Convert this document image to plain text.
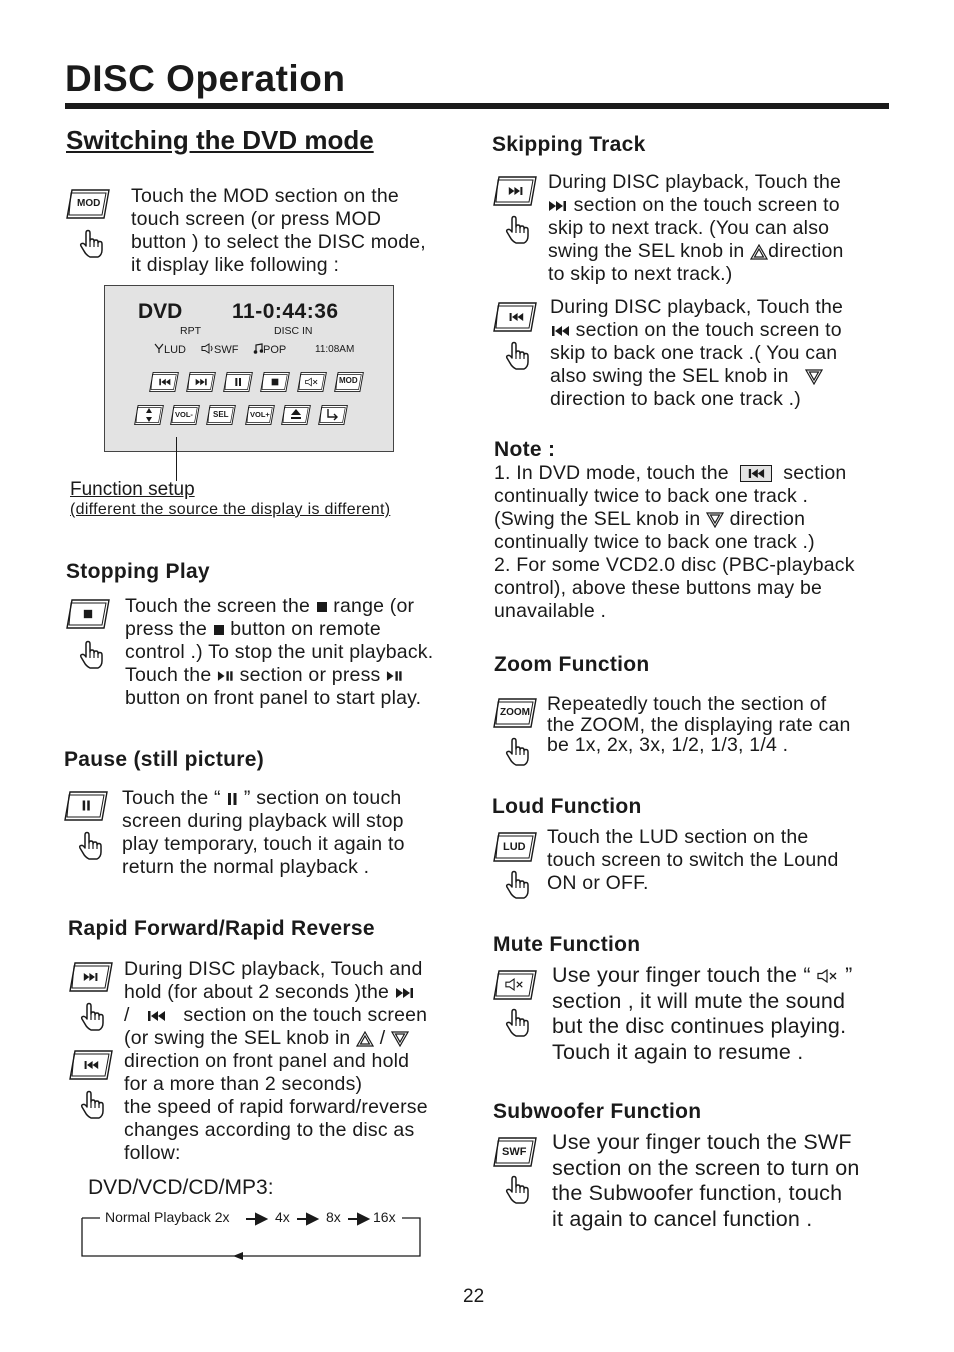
DISC Operation
Switching the DVD mode
MOD Touch the MOD section on the
touch screen (or press MOD
button ) to select the DISC mode,
it display like following :
DVD 11-0:44:36
RPT	DISC IN
LUD	SWF	POP	11:08AM
MOD
VOL-	SEL	VOL+
Function setup
(different the source the display is different)
Stopping Play
Touch the screen the range (or
press the button on remote
control .) To stop the unit playback.
Touch the section or press
button on front panel to start play.
Pause (still picture)
Touch the “ ” section on touch
screen during playback will stop
play temporary, touch it again to
return the normal playback .
Rapid Forward/Rapid Reverse
During DISC playback, Touch and
hold (for about 2 seconds )the
/	section on the touch screen
(or swing the SEL knob in /
direction on front panel and hold
for a more than 2 seconds)
the speed of rapid forward/reverse
changes according to the disc as
follow:
DVD/VCD/CD/MP3:
Normal Playback 2x	4x	8x 16x
Skipping Track
During DISC playback, Touch the
section on the touch screen to
skip to next track. (You can also
swing the SEL knob in direction
to skip to next track.)
During DISC playback, Touch the
section on the touch screen to
skip to back one track .( You can
also swing the SEL knob in
direction to back one track .)
Note :
1. In DVD mode, touch the	section
continually twice to back one track .
(Swing the SEL knob in direction
continually twice to back one track .)
2. For some VCD2.0 disc (PBC-playback
control), above these buttons may be
unavailable .
Zoom Function
ZOOM Repeatedly touch the section of
the ZOOM, the displaying rate can
be 1x, 2x, 3x, 1/2, 1/3, 1/4 .
Loud Function
LUD Touch the LUD section on the
touch screen to switch the Lound
ON or OFF.
Mute Function
Use your finger touch the “ ”
section , it will mute the sound
but the disc continues playing.
Touch it again to resume .
Subwoofer Function
SWF Use your finger touch the SWF
section on the screen to turn on
the Subwoofer function, touch
it again to cancel function .
22
